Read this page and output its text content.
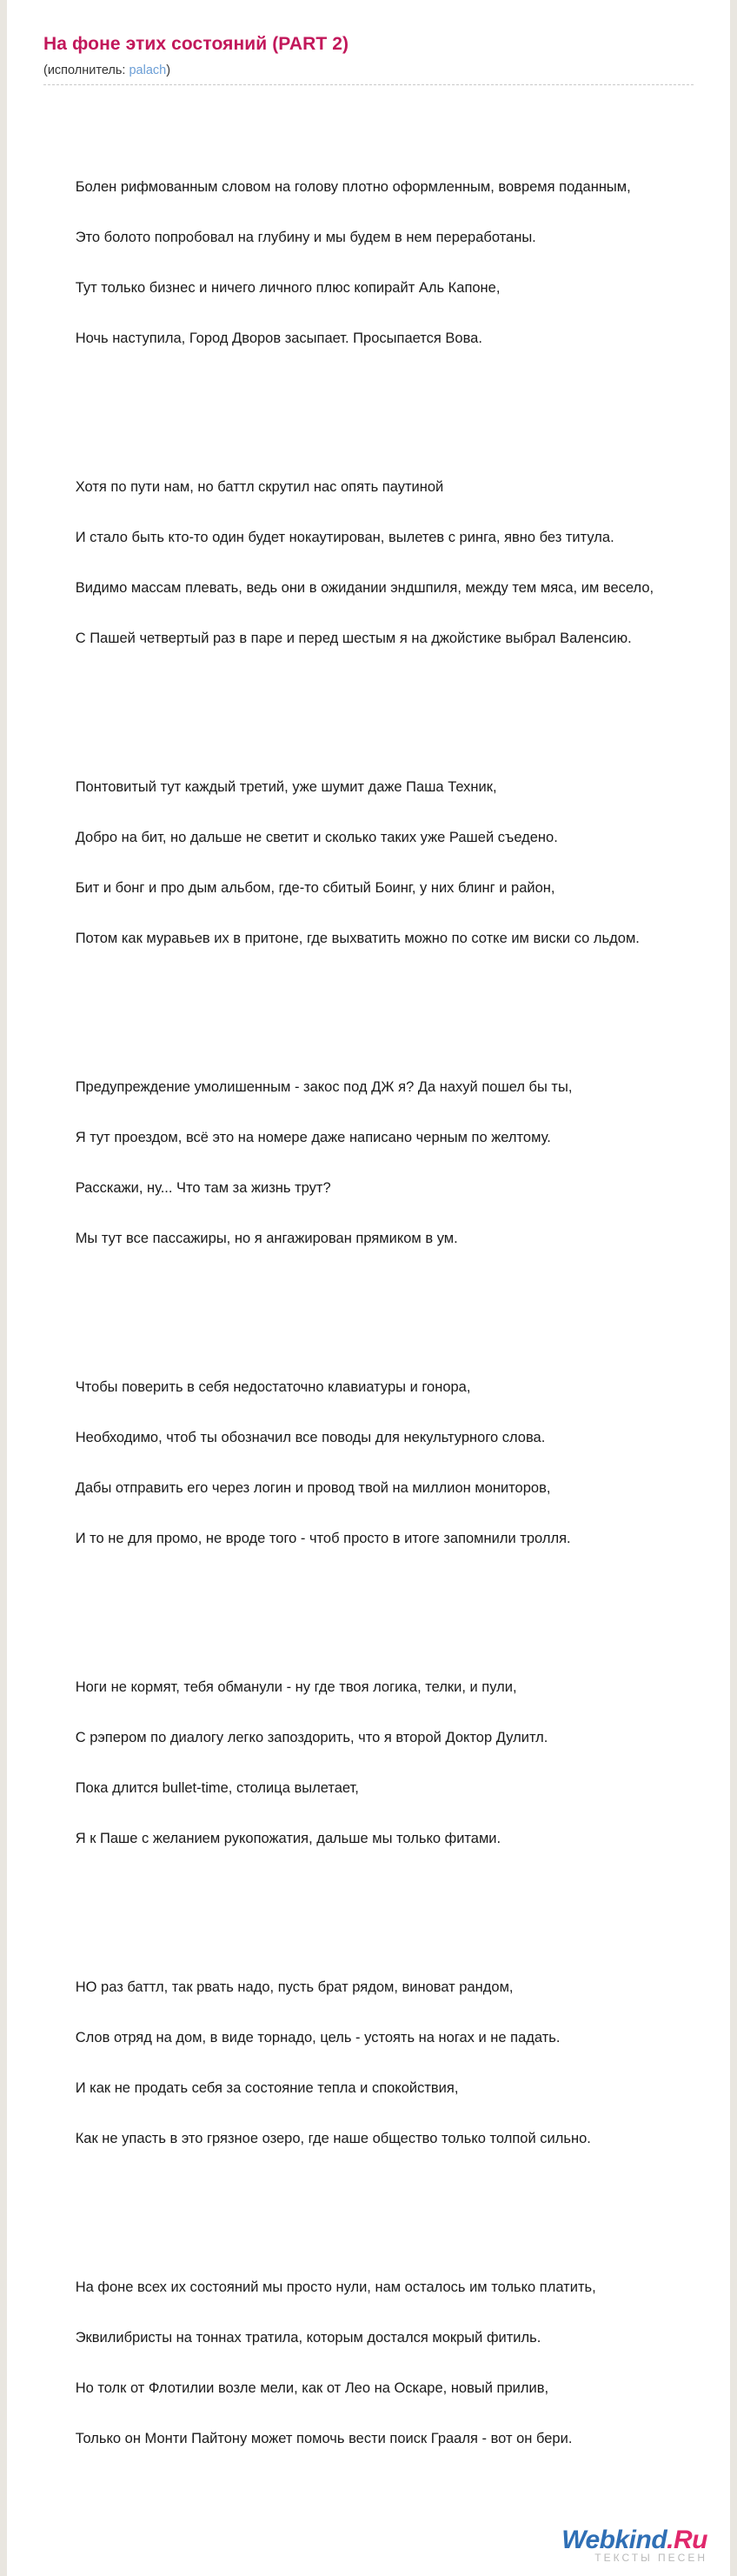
На фоне этих состояний (PART 2)
(исполнитель: palach)

Болен рифмованным словом на голову плотно оформленным, вовремя поданным,

Это болото попробовал на глубину и мы будем в нем переработаны.

Тут только бизнес и ничего личного плюс копирайт Аль Капоне,

Ночь наступила, Город Дворов засыпает. Просыпается Вова.

Хотя по пути нам, но баттл скрутил нас опять паутиной

И стало быть кто-то один будет нокаутирован, вылетев с ринга, явно без титула.

Видимо массам плевать, ведь они в ожидании эндшпиля, между тем мяса, им весело,

С Пашей четвертый раз в паре и перед шестым я на джойстике выбрал Валенсию.

Понтовитый тут каждый третий, уже шумит даже Паша Техник,

Добро на бит, но дальше не светит и сколько таких уже Рашей съедено.

Бит и бонг и про дым альбом, где-то сбитый Боинг, у них блинг и район,

Потом как муравьев их в притоне, где выхватить можно по сотке им виски со льдом.

Предупреждение умолишенным - закос под ДЖ я? Да нахуй пошел бы ты,

Я тут проездом, всё это на номере даже написано черным по желтому.

Расскажи, ну... Что там за жизнь трут?

Мы тут все пассажиры, но я ангажирован прямиком в ум.

Чтобы поверить в себя недостаточно клавиатуры и гонора,

Необходимо, чтоб ты обозначил все поводы для некультурного слова.

Дабы отправить его через логин и провод твой на миллион мониторов,

И то не для промо, не вроде того - чтоб просто в итоге запомнили тролля.

Ноги не кормят, тебя обманули - ну где твоя логика, телки, и пули,

С рэпером по диалогу легко запоздорить, что я второй Доктор Дулитл.

Пока длится bullet-time, столица вылетает,

Я к Паше с желанием рукопожатия, дальше мы только фитами.

НО раз баттл, так рвать надо, пусть брат рядом, виноват рандом,

Слов отряд на дом, в виде торнадо, цель - устоять на ногах и не падать.

И как не продать себя за состояние тепла и спокойствия,

Как не упасть в это грязное озеро, где наше общество только толпой сильно.

На фоне всех их состояний мы просто нули, нам осталось им только платить,

Эквилибристы на тоннах тратила, которым достался мокрый фитиль.

Но толк от Флотилии возле мели, как от Лео на Оскаре, новый прилив,

Только он Монти Пайтону может помочь вести поиск Грааля - вот он бери.

Webkind.Ru
ТЕКСТЫ ПЕСЕН
